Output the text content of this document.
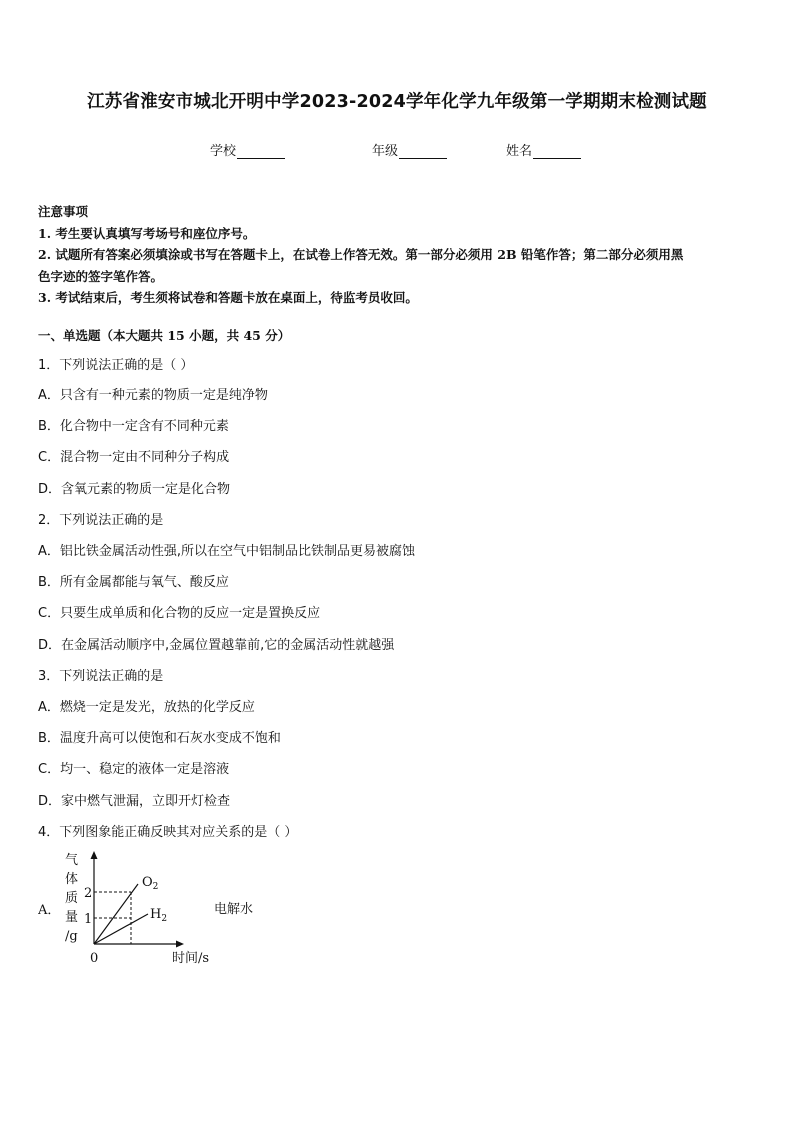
江苏省淮安市城北开明中学2023-2024学年化学九年级第一学期期末检测试题
学校	年级	姓名
注意事项
1. 考生要认真填写考场号和座位序号。
2. 试题所有答案必须填涂或书写在答题卡上，在试卷上作答无效。第一部分必须用 2B 铅笔作答；第二部分必须用黑
色字迹的签字笔作答。
3. 考试结束后，考生须将试卷和答题卡放在桌面上，待监考员收回。
一、单选题（本大题共 15 小题，共 45 分）
1．下列说法正确的是（ ）
A．只含有一种元素的物质一定是纯净物
B．化合物中一定含有不同种元素
C．混合物一定由不同种分子构成
D．含氧元素的物质一定是化合物
2．下列说法正确的是
A．铝比铁金属活动性强,所以在空气中铝制品比铁制品更易被腐蚀
B．所有金属都能与氧气、酸反应
C．只要生成单质和化合物的反应一定是置换反应
D．在金属活动顺序中,金属位置越靠前,它的金属活动性就越强
3．下列说法正确的是
A．燃烧一定是发光，放热的化学反应
B．温度升高可以使饱和石灰水变成不饱和
C．均一、稳定的液体一定是溶液
D．家中燃气泄漏，立即开灯检查
4．下列图象能正确反映其对应关系的是（ ）
A．
气
体
质
量
/g
2
1
0
$O_2$
$H_2$
时间/s
电解水
